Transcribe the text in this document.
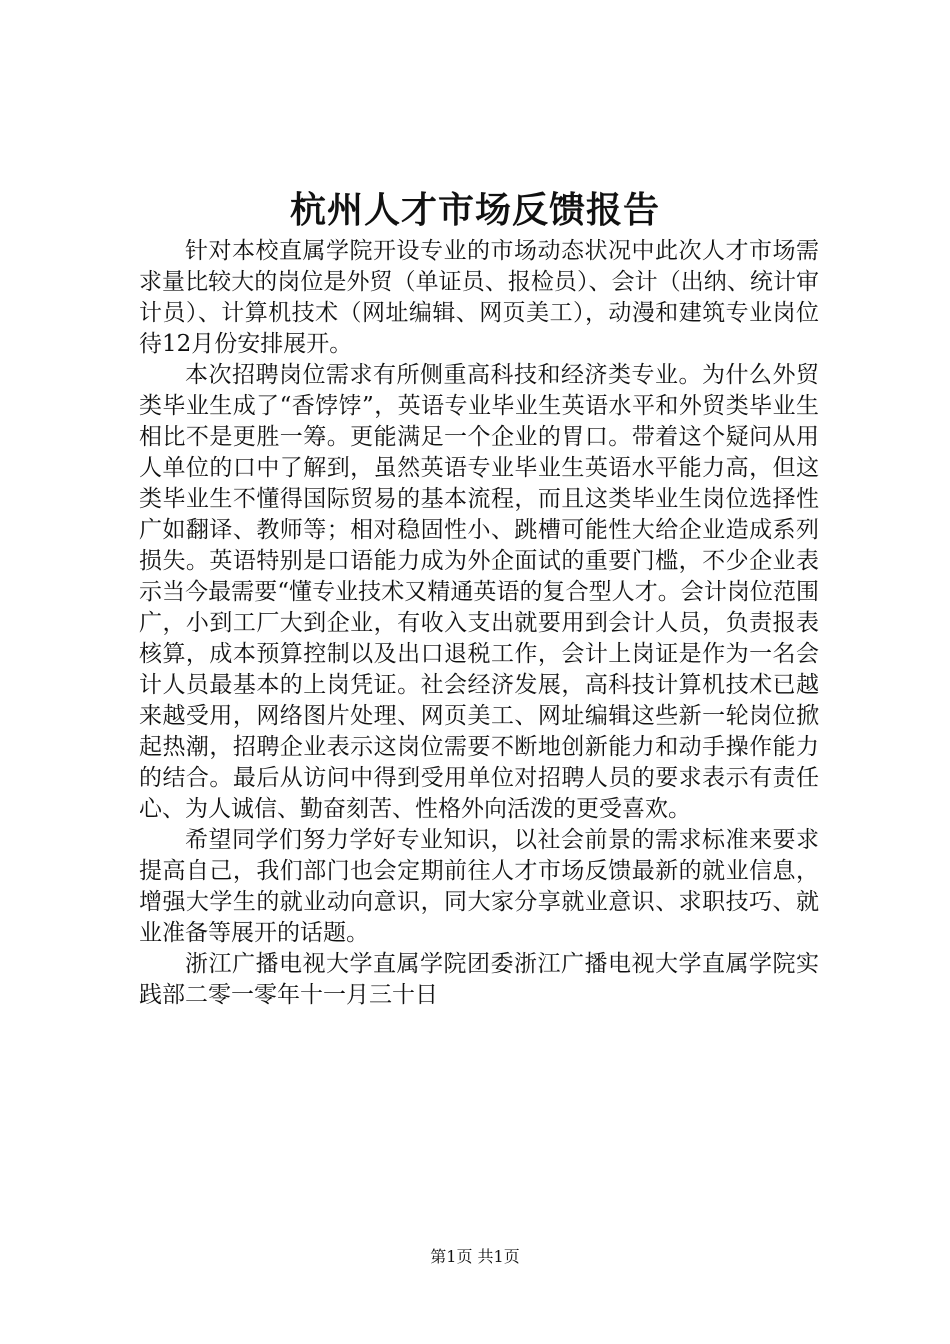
杭州人才市场反馈报告

针对本校直属学院开设专业的市场动态状况中此次人才市场需求量比较大的岗位是外贸（单证员、报检员）、会计（出纳、统计审计员）、计算机技术（网址编辑、网页美工），动漫和建筑专业岗位待12月份安排展开。

本次招聘岗位需求有所侧重高科技和经济类专业。为什么外贸类毕业生成了“香饽饽”，英语专业毕业生英语水平和外贸类毕业生相比不是更胜一筹。更能满足一个企业的胃口。带着这个疑问从用人单位的口中了解到，虽然英语专业毕业生英语水平能力高，但这类毕业生不懂得国际贸易的基本流程，而且这类毕业生岗位选择性广如翻译、教师等；相对稳固性小、跳槽可能性大给企业造成系列损失。英语特别是口语能力成为外企面试的重要门槛，不少企业表示当今最需要“懂专业技术又精通英语的复合型人才。会计岗位范围广，小到工厂大到企业，有收入支出就要用到会计人员，负责报表核算，成本预算控制以及出口退税工作，会计上岗证是作为一名会计人员最基本的上岗凭证。社会经济发展，高科技计算机技术已越来越受用，网络图片处理、网页美工、网址编辑这些新一轮岗位掀起热潮，招聘企业表示这岗位需要不断地创新能力和动手操作能力的结合。最后从访问中得到受用单位对招聘人员的要求表示有责任心、为人诚信、勤奋刻苦、性格外向活泼的更受喜欢。

希望同学们努力学好专业知识，以社会前景的需求标准来要求提高自己，我们部门也会定期前往人才市场反馈最新的就业信息，增强大学生的就业动向意识，同大家分享就业意识、求职技巧、就业准备等展开的话题。

浙江广播电视大学直属学院团委浙江广播电视大学直属学院实践部二零一零年十一月三十日

第1页 共1页
